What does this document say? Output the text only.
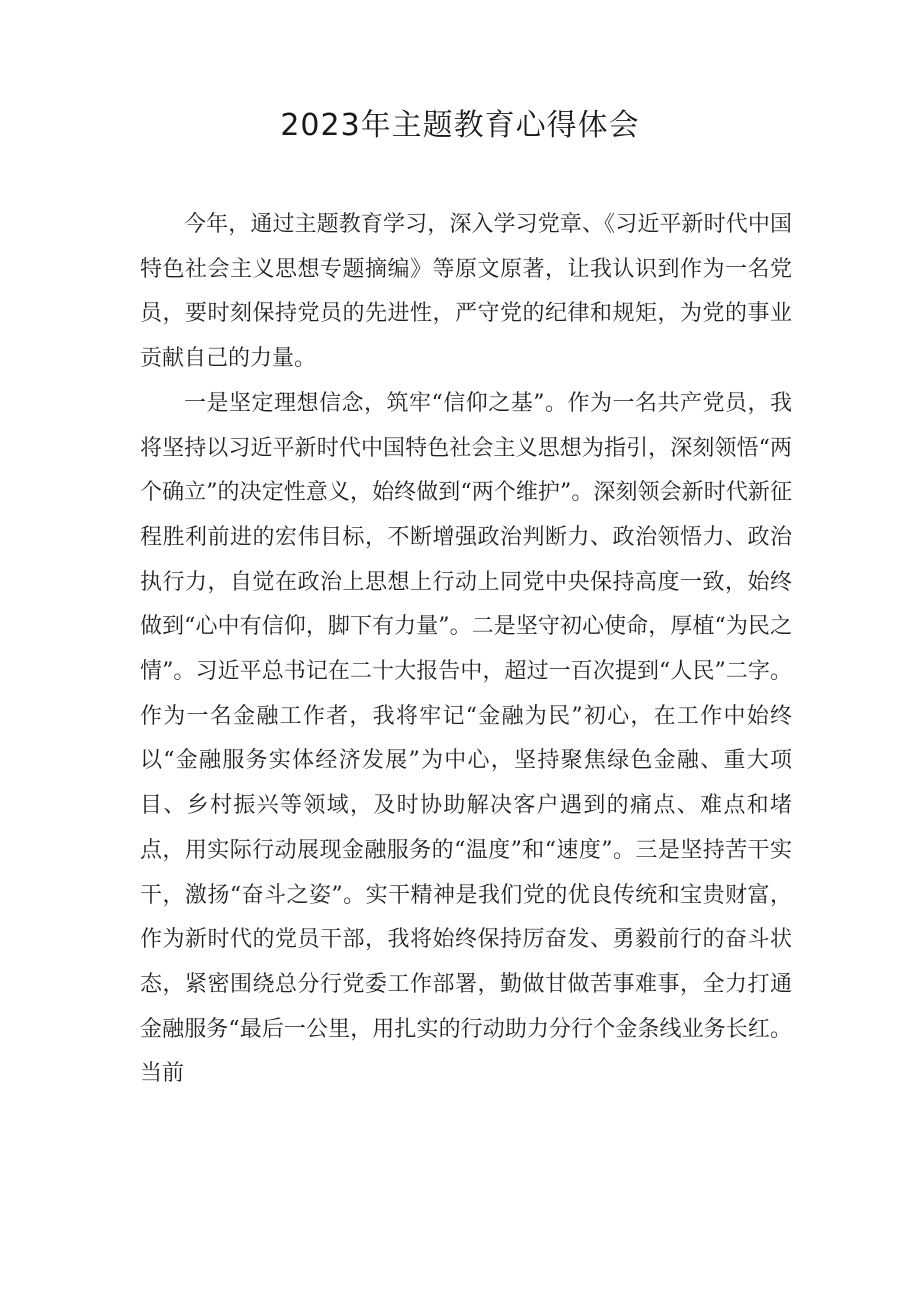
2023年主题教育心得体会

今年，通过主题教育学习，深入学习党章、《习近平新时代中国特色社会主义思想专题摘编》等原文原著，让我认识到作为一名党员，要时刻保持党员的先进性，严守党的纪律和规矩，为党的事业贡献自己的力量。

一是坚定理想信念，筑牢“信仰之基”。作为一名共产党员，我将坚持以习近平新时代中国特色社会主义思想为指引，深刻领悟“两个确立”的决定性意义，始终做到“两个维护”。深刻领会新时代新征程胜利前进的宏伟目标，不断增强政治判断力、政治领悟力、政治执行力，自觉在政治上思想上行动上同党中央保持高度一致，始终做到“心中有信仰，脚下有力量”。二是坚守初心使命，厚植“为民之情”。习近平总书记在二十大报告中，超过一百次提到“人民”二字。作为一名金融工作者，我将牢记“金融为民”初心，在工作中始终以“金融服务实体经济发展”为中心，坚持聚焦绿色金融、重大项目、乡村振兴等领域，及时协助解决客户遇到的痛点、难点和堵点，用实际行动展现金融服务的“温度”和“速度”。三是坚持苦干实干，激扬“奋斗之姿”。实干精神是我们党的优良传统和宝贵财富，作为新时代的党员干部，我将始终保持厉奋发、勇毅前行的奋斗状态，紧密围绕总分行党委工作部署，勤做甘做苦事难事，全力打通金融服务“最后一公里，用扎实的行动助力分行个金条线业务长红。当前
